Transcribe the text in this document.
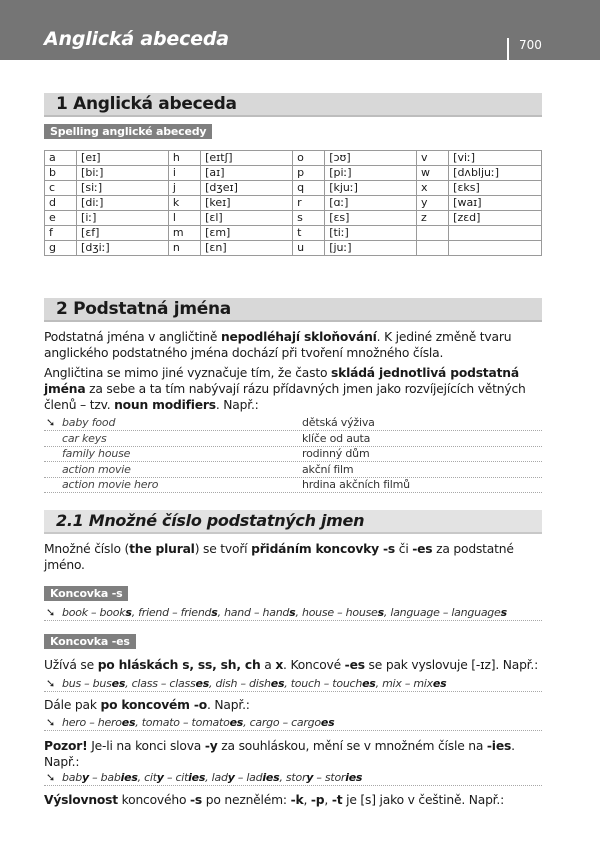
Anglická abeceda	700
1 Anglická abeceda
Spelling anglické abecedy
a	[eɪ]	h	[eɪtʃ]	o	[ɔʊ]	v	[viː]
b	[biː]	i	[aɪ]	p	[piː]	w	[dʌbljuː]
c	[siː]	j	[dʒeɪ]	q	[kjuː]	x	[ɛks]
d	[diː]	k	[keɪ]	r	[ɑː]	y	[waɪ]
e	[iː]	l	[ɛl]	s	[ɛs]	z	[zɛd]
f	[ɛf]	m	[ɛm]	t	[tiː]		
g	[dʒiː]	n	[ɛn]	u	[juː]		
2 Podstatná jména
Podstatná jména v angličtině nepodléhají skloňování. K jediné změně tvaru anglického podstatného jména dochází při tvoření množného čísla.
Angličtina se mimo jiné vyznačuje tím, že často skládá jednotlivá podstatná jména za sebe a ta tím nabývají rázu přídavných jmen jako rozvíjejících větných členů – tzv. noun modifiers. Např.:
➘ baby food	dětská výživa
car keys	klíče od auta
family house	rodinný dům
action movie	akční film
action movie hero	hrdina akčních filmů
2.1 Množné číslo podstatných jmen
Množné číslo (the plural) se tvoří přidáním koncovky -s či -es za podstatné jméno.
Koncovka -s
➘ book – books, friend – friends, hand – hands, house – houses, language – languages
Koncovka -es
Užívá se po hláskách s, ss, sh, ch a x. Koncové -es se pak vyslovuje [-ɪz]. Např.:
➘ bus – buses, class – classes, dish – dishes, touch – touches, mix – mixes
Dále pak po koncovém -o. Např.:
➘ hero – heroes, tomato – tomatoes, cargo – cargoes
Pozor! Je-li na konci slova -y za souhláskou, mění se v množném čísle na -ies. Např.:
➘ baby – babies, city – cities, lady – ladies, story – stories
Výslovnost koncového -s po neznělém: -k, -p, -t je [s] jako v češtině. Např.:
